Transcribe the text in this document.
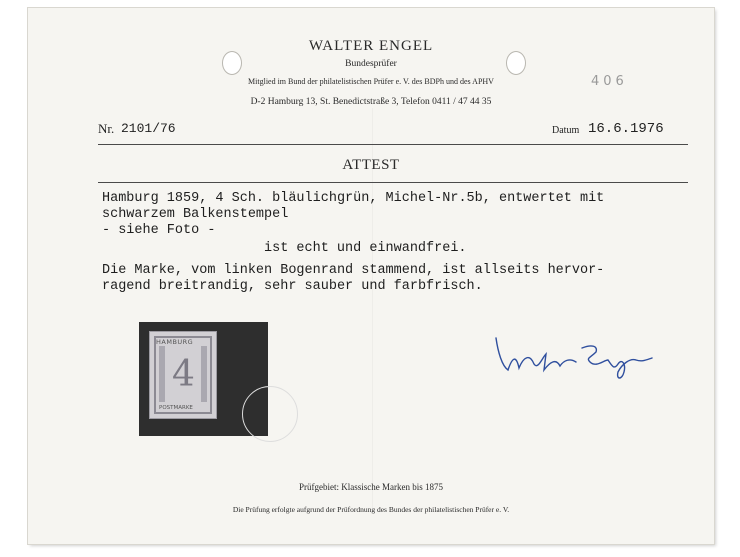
WALTER ENGEL
Bundesprüfer
Mitglied im Bund der philatelistischen Prüfer e. V. des BDPh und des APHV
D-2 Hamburg 13, St. Benedictstraße 3, Telefon 0411 / 47 44 35
406
Nr. 2101/76	Datum 16.6.1976
ATTEST
Hamburg 1859, 4 Sch. bläulichgrün, Michel-Nr.5b, entwertet mit
schwarzem Balkenstempel
- siehe Foto -
ist echt und einwandfrei.
Die Marke, vom linken Bogenrand stammend, ist allseits hervor-
ragend breitrandig, sehr sauber und farbfrisch.
HAMBURG
4
POSTMARKE
Prüfgebiet: Klassische Marken bis 1875
Die Prüfung erfolgte aufgrund der Prüfordnung des Bundes der philatelistischen Prüfer e. V.
